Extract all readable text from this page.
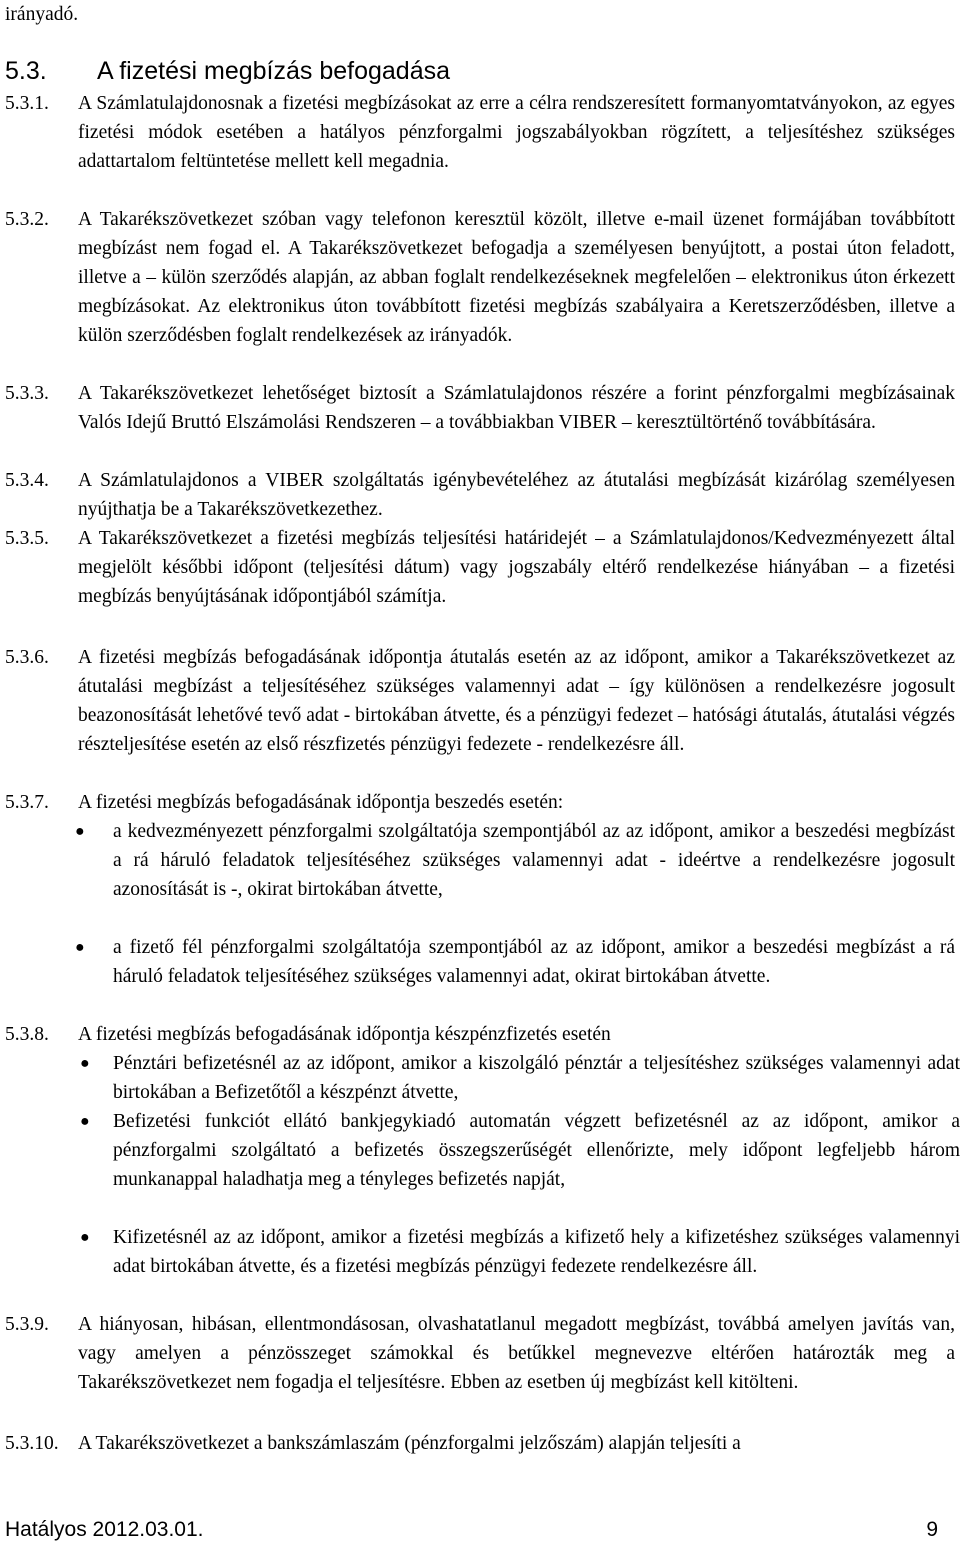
irányadó.
5.3. A fizetési megbízás befogadása
5.3.1. A Számlatulajdonosnak a fizetési megbízásokat az erre a célra rendszeresített formanyomtatványokon, az egyes fizetési módok esetében a hatályos pénzforgalmi jogszabályokban rögzített, a teljesítéshez szükséges adattartalom feltüntetése mellett kell megadnia.
5.3.2. A Takarékszövetkezet szóban vagy telefonon keresztül közölt, illetve e-mail üzenet formájában továbbított megbízást nem fogad el. A Takarékszövetkezet befogadja a személyesen benyújtott, a postai úton feladott, illetve a – külön szerződés alapján, az abban foglalt rendelkezéseknek megfelelően – elektronikus úton érkezett megbízásokat. Az elektronikus úton továbbított fizetési megbízás szabályaira a Keretszerződésben, illetve a külön szerződésben foglalt rendelkezések az irányadók.
5.3.3. A Takarékszövetkezet lehetőséget biztosít a Számlatulajdonos részére a forint pénzforgalmi megbízásainak Valós Idejű Bruttó Elszámolási Rendszeren – a továbbiakban VIBER – keresztültörténő továbbítására.
5.3.4. A Számlatulajdonos a VIBER szolgáltatás igénybevételéhez az átutalási megbízását kizárólag személyesen nyújthatja be a Takarékszövetkezethez.
5.3.5. A Takarékszövetkezet a fizetési megbízás teljesítési határidejét – a Számlatulajdonos/Kedvezményezett által megjelölt későbbi időpont (teljesítési dátum) vagy jogszabály eltérő rendelkezése hiányában – a fizetési megbízás benyújtásának időpontjából számítja.
5.3.6. A fizetési megbízás befogadásának időpontja átutalás esetén az az időpont, amikor a Takarékszövetkezet az átutalási megbízást a teljesítéséhez szükséges valamennyi adat – így különösen a rendelkezésre jogosult beazonosítását lehetővé tevő adat - birtokában átvette, és a pénzügyi fedezet – hatósági átutalás, átutalási végzés részteljesítése esetén az első részfizetés pénzügyi fedezete - rendelkezésre áll.
5.3.7. A fizetési megbízás befogadásának időpontja beszedés esetén:
● a kedvezményezett pénzforgalmi szolgáltatója szempontjából az az időpont, amikor a beszedési megbízást a rá háruló feladatok teljesítéséhez szükséges valamennyi adat - ideértve a rendelkezésre jogosult azonosítását is -, okirat birtokában átvette,
● a fizető fél pénzforgalmi szolgáltatója szempontjából az az időpont, amikor a beszedési megbízást a rá háruló feladatok teljesítéséhez szükséges valamennyi adat, okirat birtokában átvette.
5.3.8. A fizetési megbízás befogadásának időpontja készpénzfizetés esetén
● Pénztári befizetésnél az az időpont, amikor a kiszolgáló pénztár a teljesítéshez szükséges valamennyi adat birtokában a Befizetőtől a készpénzt átvette,
● Befizetési funkciót ellátó bankjegykiadó automatán végzett befizetésnél az az időpont, amikor a pénzforgalmi szolgáltató a befizetés összegszerűségét ellenőrizte, mely időpont legfeljebb három munkanappal haladhatja meg a tényleges befizetés napját,
● Kifizetésnél az az időpont, amikor a fizetési megbízás a kifizető hely a kifizetéshez szükséges valamennyi adat birtokában átvette, és a fizetési megbízás pénzügyi fedezete rendelkezésre áll.
5.3.9. A hiányosan, hibásan, ellentmondásosan, olvashatatlanul megadott megbízást, továbbá amelyen javítás van, vagy amelyen a pénzösszeget számokkal és betűkkel megnevezve eltérően határozták meg a Takarékszövetkezet nem fogadja el teljesítésre. Ebben az esetben új megbízást kell kitölteni.
5.3.10. A Takarékszövetkezet a bankszámlaszám (pénzforgalmi jelzőszám) alapján teljesíti a
Hatályos 2012.03.01.	9
